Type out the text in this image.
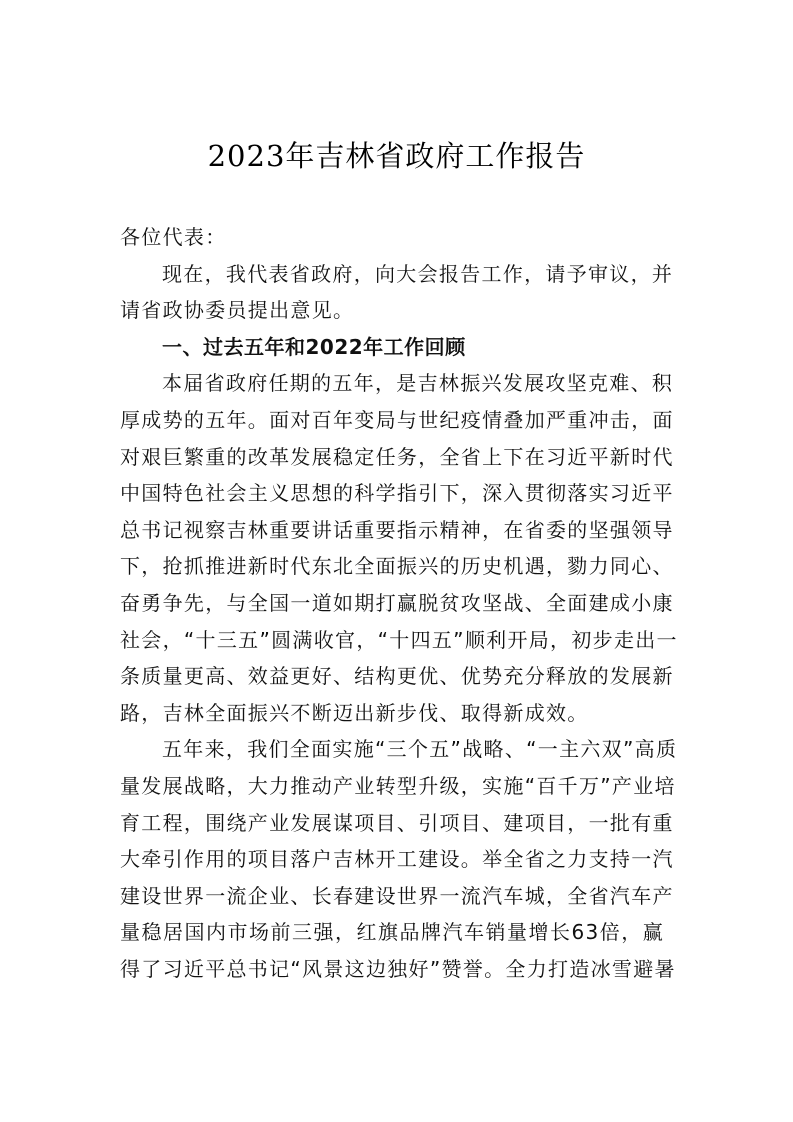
2023年吉林省政府工作报告
各位代表：
现在，我代表省政府，向大会报告工作，请予审议，并
请省政协委员提出意见。
一、过去五年和2022年工作回顾
本届省政府任期的五年，是吉林振兴发展攻坚克难、积
厚成势的五年。面对百年变局与世纪疫情叠加严重冲击，面
对艰巨繁重的改革发展稳定任务，全省上下在习近平新时代
中国特色社会主义思想的科学指引下，深入贯彻落实习近平
总书记视察吉林重要讲话重要指示精神，在省委的坚强领导
下，抢抓推进新时代东北全面振兴的历史机遇，勠力同心、
奋勇争先，与全国一道如期打赢脱贫攻坚战、全面建成小康
社会，“十三五”圆满收官，“十四五”顺利开局，初步走出一
条质量更高、效益更好、结构更优、优势充分释放的发展新
路，吉林全面振兴不断迈出新步伐、取得新成效。
五年来，我们全面实施“三个五”战略、“一主六双”高质
量发展战略，大力推动产业转型升级，实施“百千万”产业培
育工程，围绕产业发展谋项目、引项目、建项目，一批有重
大牵引作用的项目落户吉林开工建设。举全省之力支持一汽
建设世界一流企业、长春建设世界一流汽车城，全省汽车产
量稳居国内市场前三强，红旗品牌汽车销量增长63倍，赢
得了习近平总书记“风景这边独好”赞誉。全力打造冰雪避暑
